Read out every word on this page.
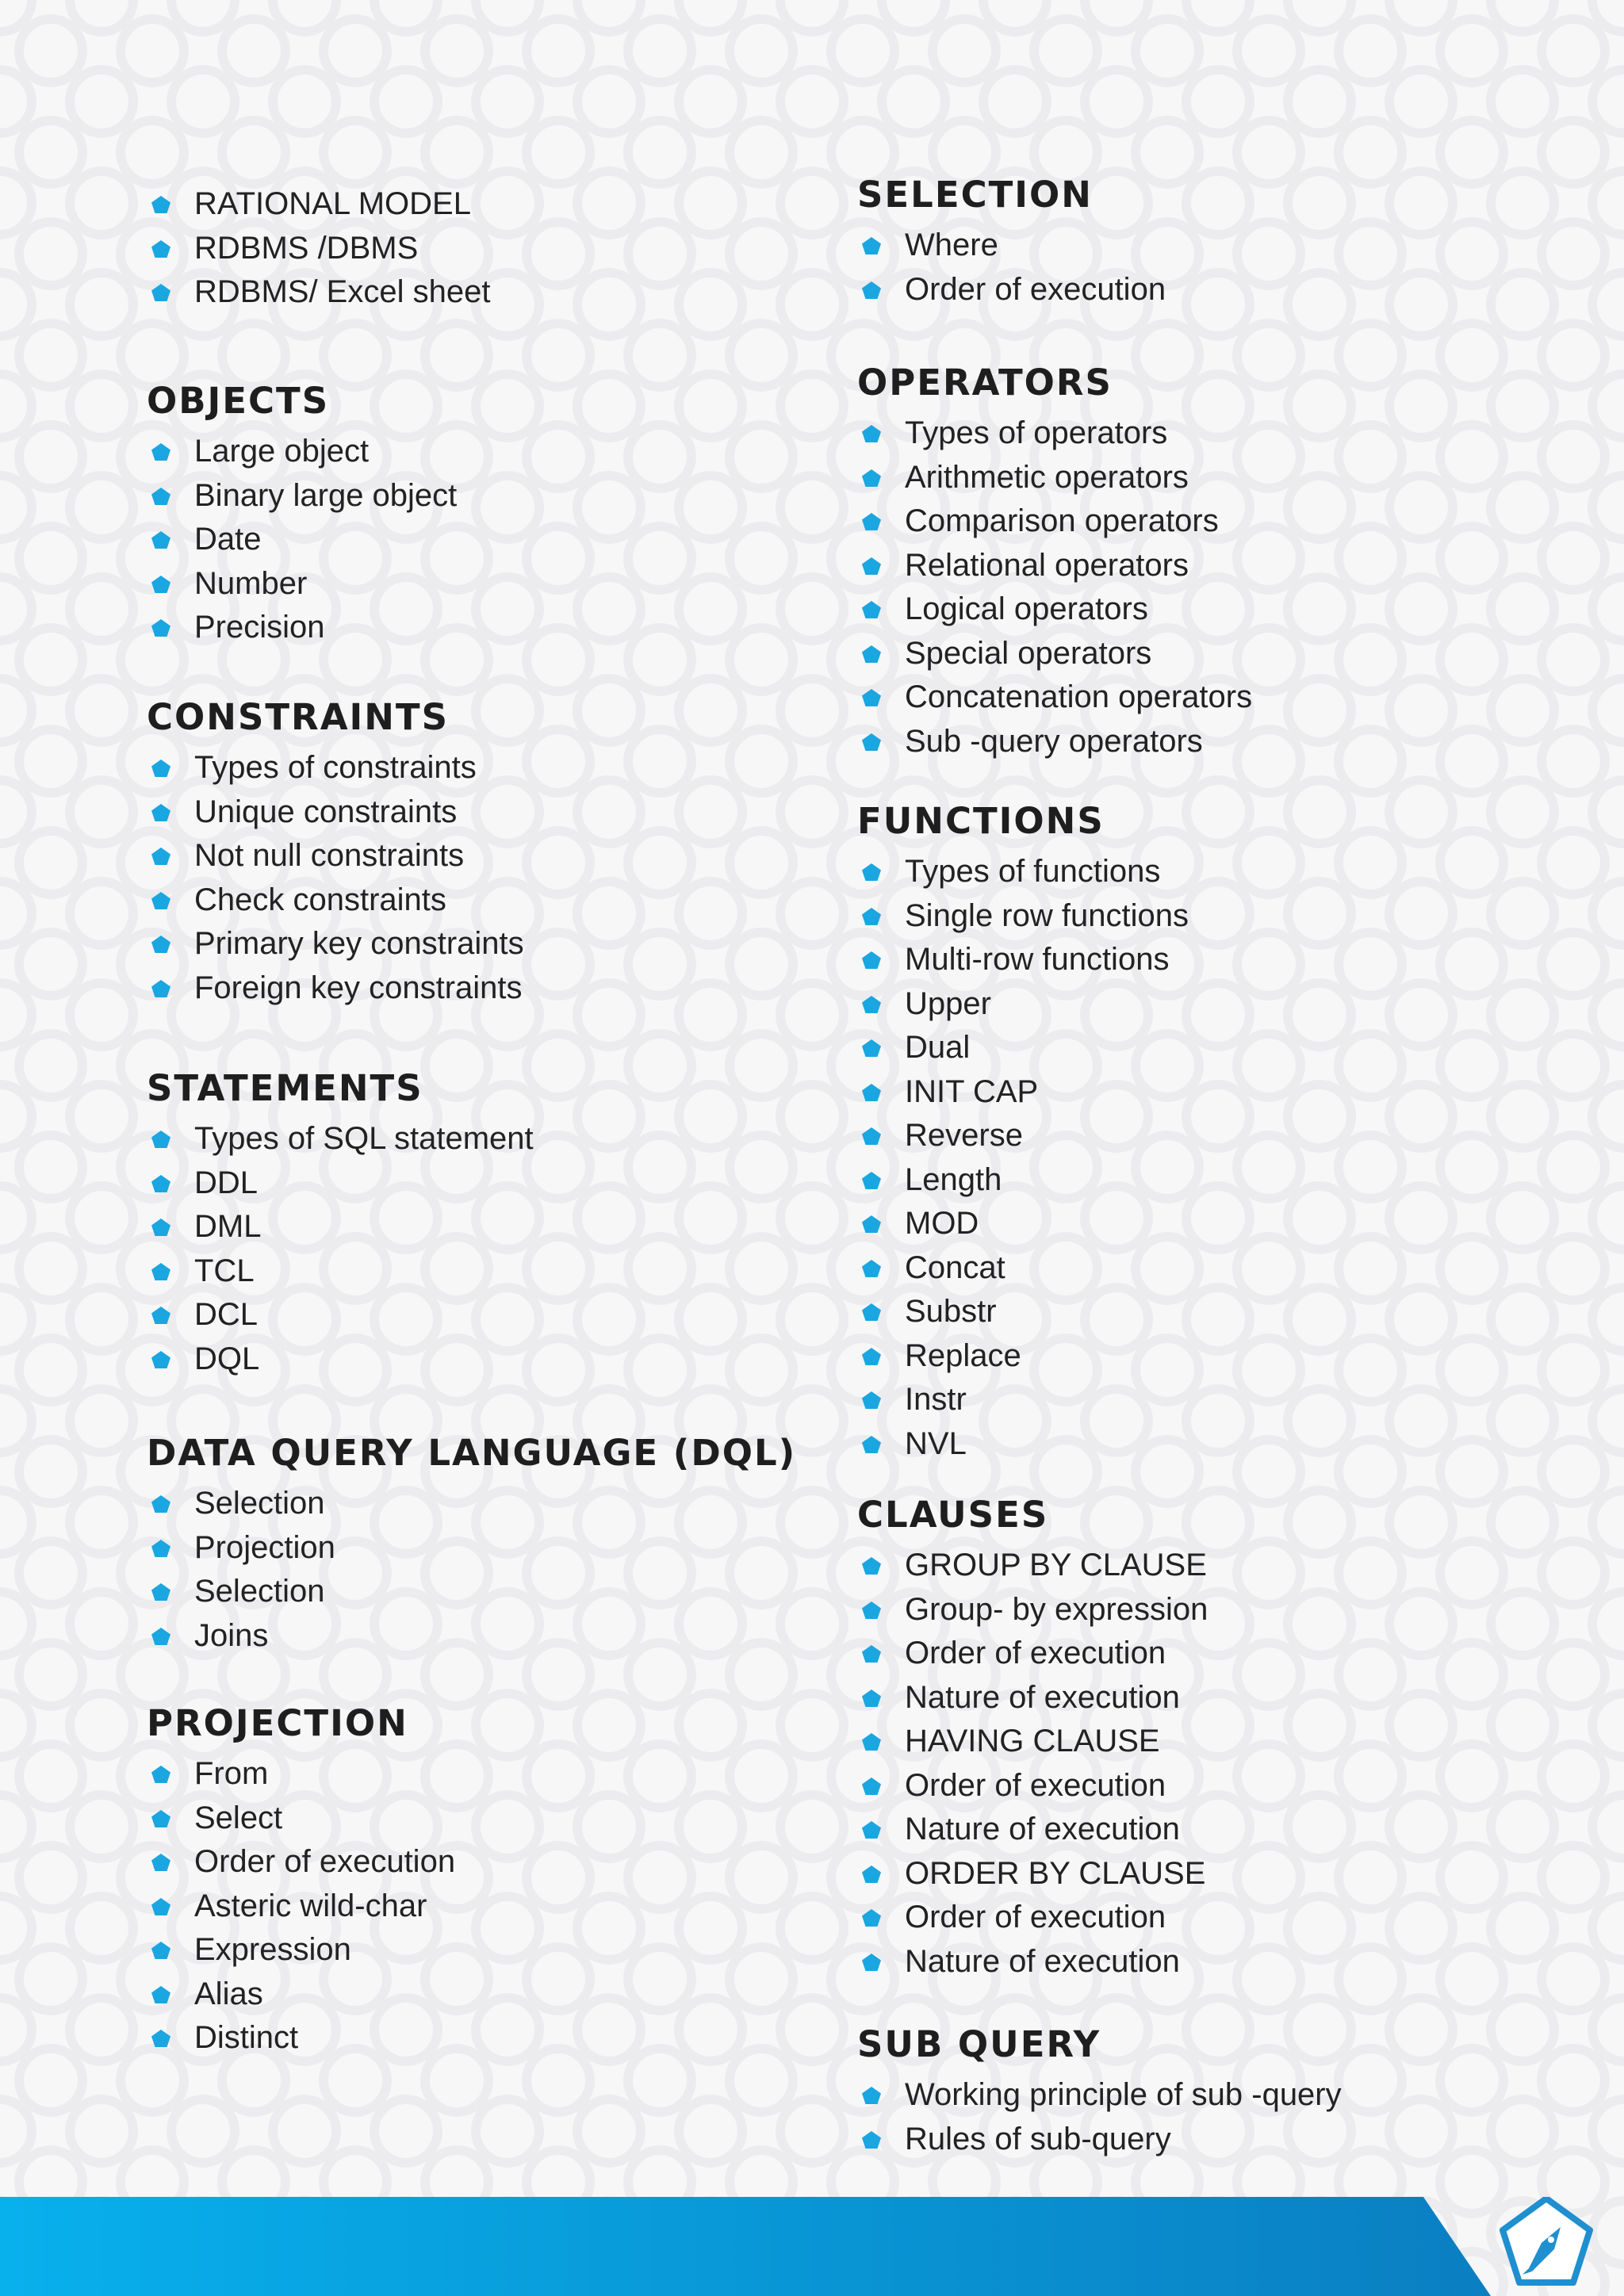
RATIONAL MODEL
RDBMS /DBMS
RDBMS/ Excel sheet
OBJECTS
Large object
Binary large object
Date
Number
Precision
CONSTRAINTS
Types of constraints
Unique constraints
Not null constraints
Check constraints
Primary key constraints
Foreign key constraints
STATEMENTS
Types of SQL statement
DDL
DML
TCL
DCL
DQL
DATA QUERY LANGUAGE (DQL)
Selection
Projection
Selection
Joins
PROJECTION
From
Select
Order of execution
Asteric wild-char
Expression
Alias
Distinct
SELECTION
Where
Order of execution
OPERATORS
Types of operators
Arithmetic operators
Comparison operators
Relational operators
Logical operators
Special operators
Concatenation operators
Sub -query operators
FUNCTIONS
Types of functions
Single row functions
Multi-row functions
Upper
Dual
INIT CAP
Reverse
Length
MOD
Concat
Substr
Replace
Instr
NVL
CLAUSES
GROUP BY CLAUSE
Group- by expression
Order of execution
Nature of execution
HAVING CLAUSE
Order of execution
Nature of execution
ORDER BY CLAUSE
Order of execution
Nature of execution
SUB QUERY
Working principle of sub -query
Rules of sub-query
